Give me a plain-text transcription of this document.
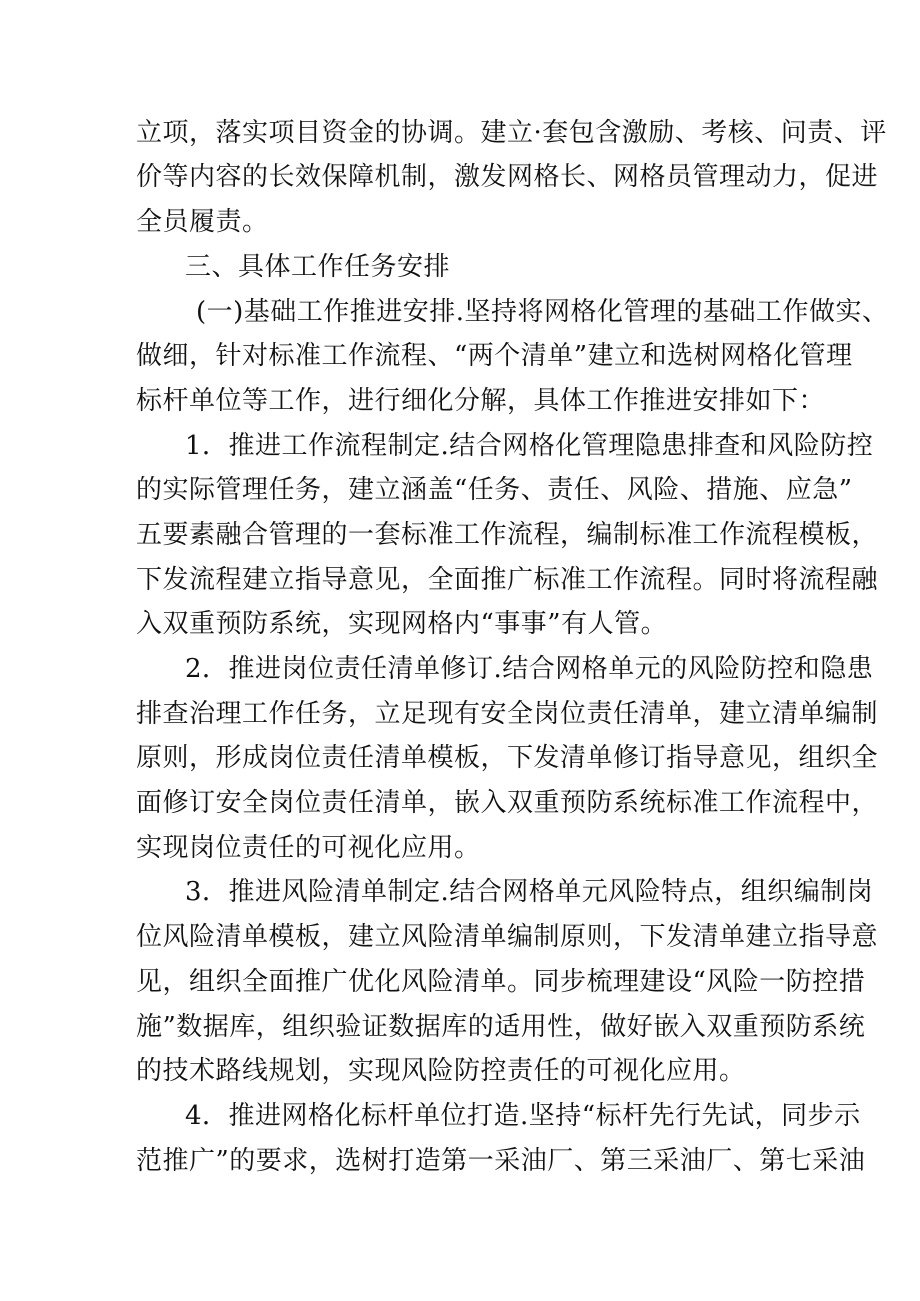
立项，落实项目资金的协调。建立·套包含激励、考核、问责、评
价等内容的长效保障机制，激发网格长、网格员管理动力，促进
全员履责。
三、具体工作任务安排
(一)基础工作推进安排.坚持将网格化管理的基础工作做实、
做细，针对标准工作流程、“两个清单”建立和选树网格化管理
标杆单位等工作，进行细化分解，具体工作推进安排如下：
1．推进工作流程制定.结合网格化管理隐患排查和风险防控
的实际管理任务，建立涵盖“任务、责任、风险、措施、应急”
五要素融合管理的一套标准工作流程，编制标准工作流程模板，
下发流程建立指导意见，全面推广标准工作流程。同时将流程融
入双重预防系统，实现网格内“事事”有人管。
2．推进岗位责任清单修订.结合网格单元的风险防控和隐患
排查治理工作任务，立足现有安全岗位责任清单，建立清单编制
原则，形成岗位责任清单模板，下发清单修订指导意见，组织全
面修订安全岗位责任清单，嵌入双重预防系统标准工作流程中，
实现岗位责任的可视化应用。
3．推进风险清单制定.结合网格单元风险特点，组织编制岗
位风险清单模板，建立风险清单编制原则，下发清单建立指导意
见，组织全面推广优化风险清单。同步梳理建设“风险一防控措
施”数据库，组织验证数据库的适用性，做好嵌入双重预防系统
的技术路线规划，实现风险防控责任的可视化应用。
4．推进网格化标杆单位打造.坚持“标杆先行先试，同步示
范推广”的要求，选树打造第一采油厂、第三采油厂、第七采油
